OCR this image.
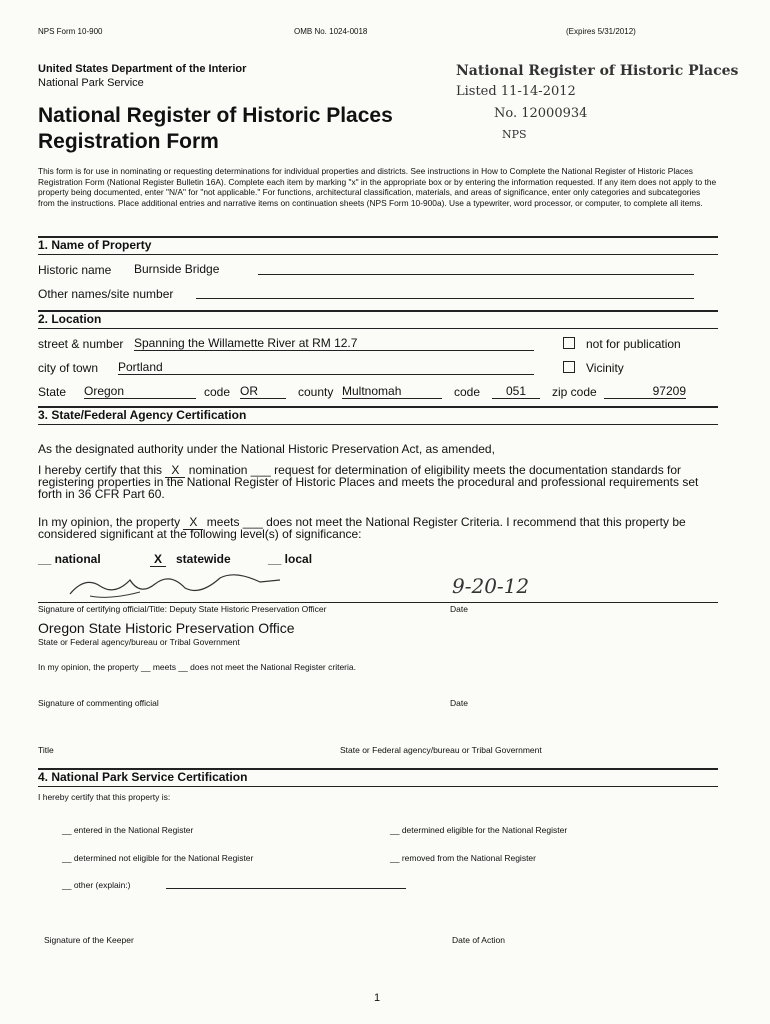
NPS Form 10-900	OMB No. 1024-0018	(Expires 5/31/2012)
United States Department of the Interior
National Park Service
National Register of Historic Places
Listed 11-14-2012
No. 12000934
NPS
National Register of Historic Places
Registration Form
This form is for use in nominating or requesting determinations for individual properties and districts. See instructions in How to Complete the National Register of Historic Places Registration Form (National Register Bulletin 16A). Complete each item by marking "x" in the appropriate box or by entering the information requested. If any item does not apply to the property being documented, enter "N/A" for "not applicable." For functions, architectural classification, materials, and areas of significance, enter only categories and subcategories from the instructions. Place additional entries and narrative items on continuation sheets (NPS Form 10-900a). Use a typewriter, word processor, or computer, to complete all items.
1. Name of Property
Historic name Burnside Bridge
Other names/site number
2. Location
street & number Spanning the Willamette River at RM 12.7	not for publication
city of town Portland	Vicinity
State Oregon	code OR	county Multnomah	code	051	zip code	97209
3. State/Federal Agency Certification
As the designated authority under the National Historic Preservation Act, as amended,
I hereby certify that this X nomination ___ request for determination of eligibility meets the documentation standards for registering properties in the National Register of Historic Places and meets the procedural and professional requirements set forth in 36 CFR Part 60.
In my opinion, the property X meets ___ does not meet the National Register Criteria. I recommend that this property be considered significant at the following level(s) of significance:
__ national	X	statewide	__ local
9-20-12
Signature of certifying official/Title: Deputy State Historic Preservation Officer	Date
Oregon State Historic Preservation Office
State or Federal agency/bureau or Tribal Government
In my opinion, the property __ meets __ does not meet the National Register criteria.
Signature of commenting official	Date
Title	State or Federal agency/bureau or Tribal Government
4. National Park Service Certification
I hereby certify that this property is:
__ entered in the National Register	__ determined eligible for the National Register
__ determined not eligible for the National Register	__ removed from the National Register
__ other (explain:)
Signature of the Keeper	Date of Action
1
